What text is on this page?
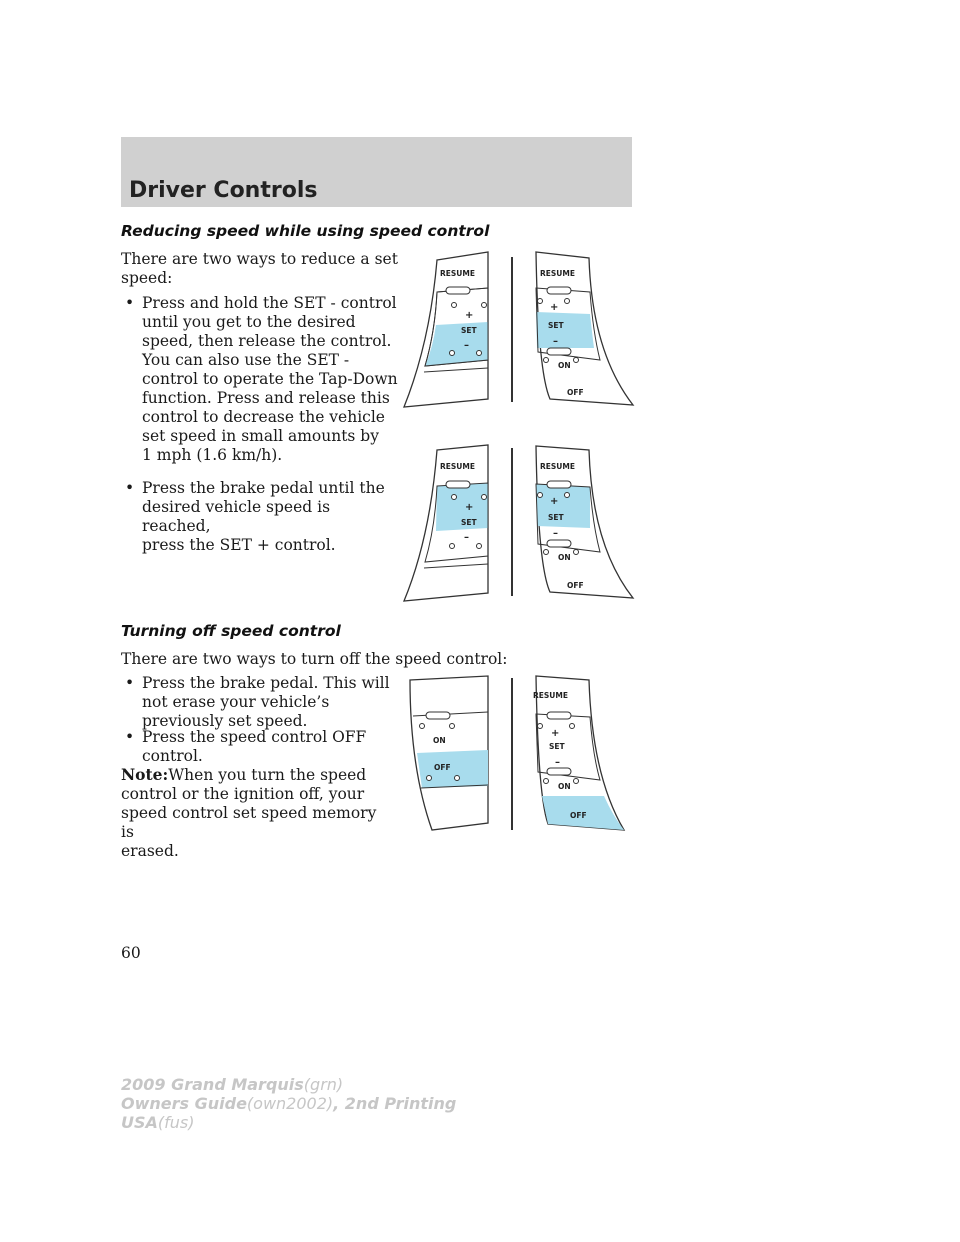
Driver Controls
Reducing speed while using speed control

There are two ways to reduce a set

speed:

• Press and hold the SET - control
until you get to the desired
speed, then release the control.
You can also use the SET -
control to operate the Tap-Down
function. Press and release this
control to decrease the vehicle
set speed in small amounts by
1 mph (1.6 km/h).
• Press the brake pedal until the
desired vehicle speed is reached,
press the SET + control.
Turning off speed control

There are two ways to turn off the speed control:

• Press the brake pedal. This will
not erase your vehicle’s
previously set speed.
• Press the speed control OFF
control.
Note:When you turn the speed
control or the ignition off, your
speed control set speed memory is
erased.
RESUME
+
SET
–
RESUME
+
SET
–
ON
OFF
RESUME
+
SET
–
RESUME
+
SET
–
ON
OFF
ON
OFF
RESUME
+
SET
–
ON
OFF
60
2009 Grand Marquis(grn)
Owners Guide(own2002), 2nd Printing
USA(fus)
